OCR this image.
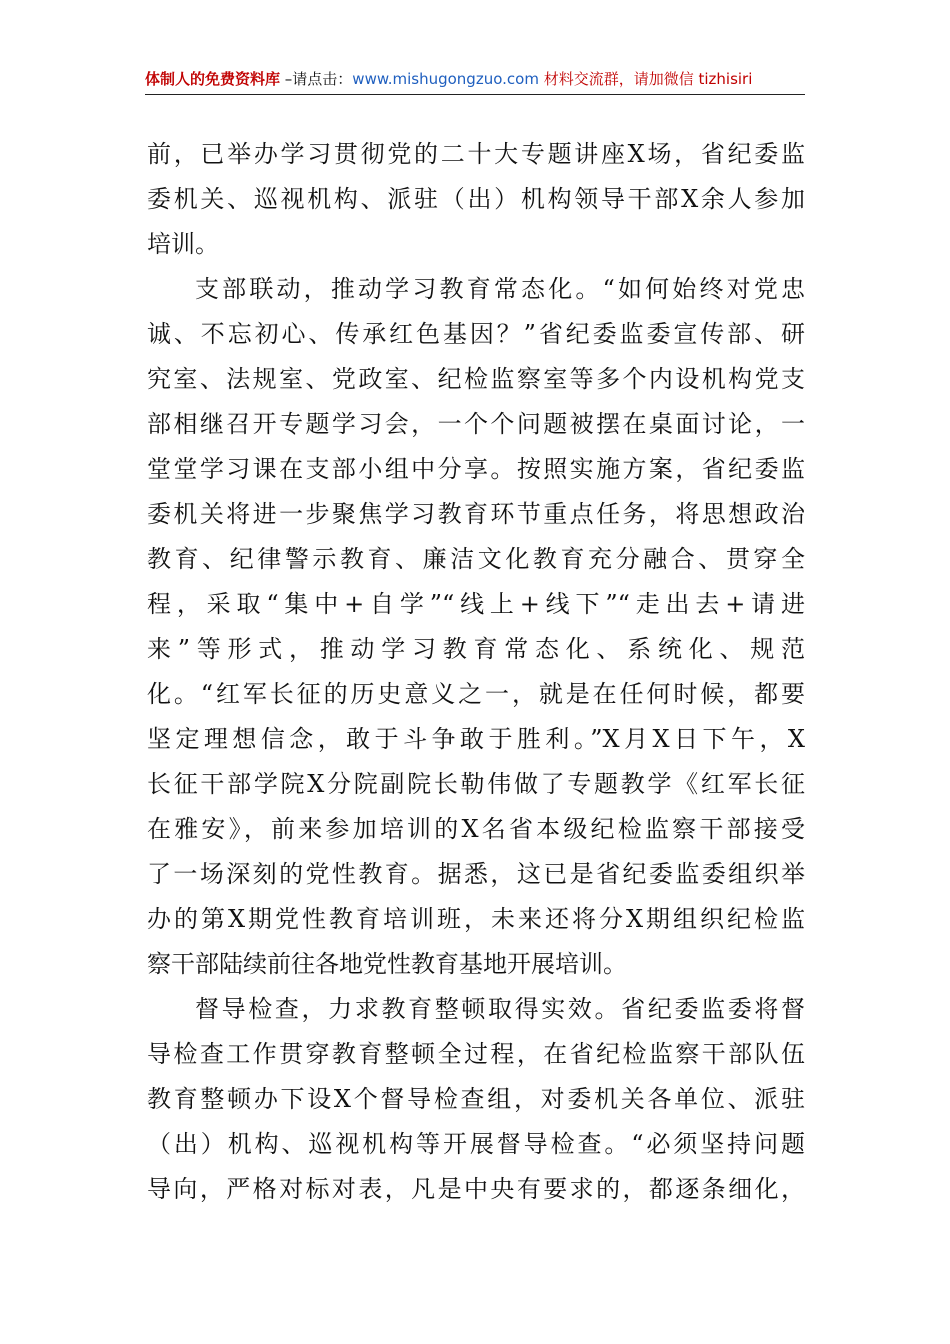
体制人的免费资料库 –请点击：www.mishugongzuo.com 材料交流群，请加微信 tizhisiri
前，已举办学习贯彻党的二十大专题讲座X场，省纪委监
委机关、巡视机构、派驻（出）机构领导干部X余人参加
培训。
支部联动，推动学习教育常态化。“如何始终对党忠
诚、不忘初心、传承红色基因？”省纪委监委宣传部、研
究室、法规室、党政室、纪检监察室等多个内设机构党支
部相继召开专题学习会，一个个问题被摆在桌面讨论，一
堂堂学习课在支部小组中分享。按照实施方案，省纪委监
委机关将进一步聚焦学习教育环节重点任务，将思想政治
教育、纪律警示教育、廉洁文化教育充分融合、贯穿全
程，采取“集中+自学”“线上+线下”“走出去+请进
来”等形式，推动学习教育常态化、系统化、规范
化。“红军长征的历史意义之一，就是在任何时候，都要
坚定理想信念，敢于斗争敢于胜利。”X月X日下午，X
长征干部学院X分院副院长勒伟做了专题教学《红军长征
在雅安》，前来参加培训的X名省本级纪检监察干部接受
了一场深刻的党性教育。据悉，这已是省纪委监委组织举
办的第X期党性教育培训班，未来还将分X期组织纪检监
察干部陆续前往各地党性教育基地开展培训。
督导检查，力求教育整顿取得实效。省纪委监委将督
导检查工作贯穿教育整顿全过程，在省纪检监察干部队伍
教育整顿办下设X个督导检查组，对委机关各单位、派驻
（出）机构、巡视机构等开展督导检查。“必须坚持问题
导向，严格对标对表，凡是中央有要求的，都逐条细化，
